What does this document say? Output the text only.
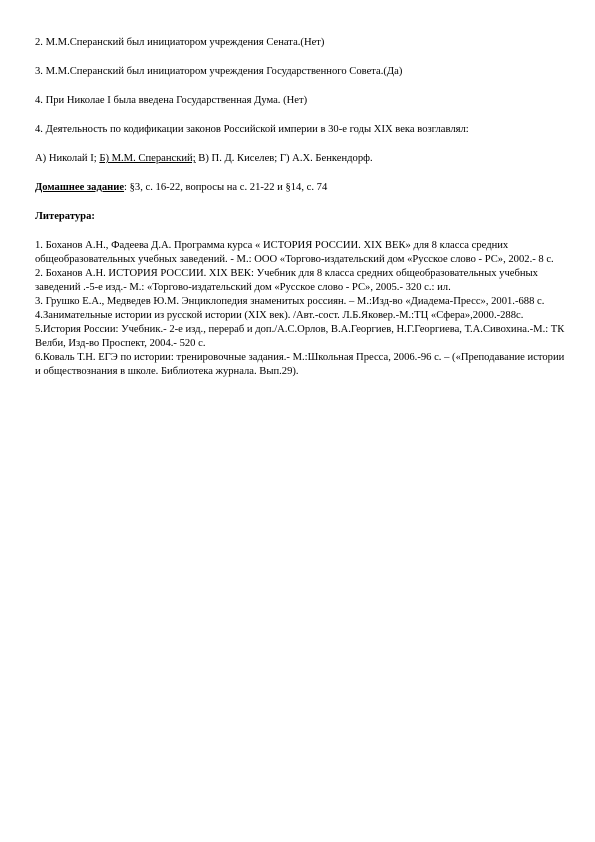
2. М.М.Сперанский был инициатором учреждения Сената.(Нет)

3. М.М.Сперанский был инициатором учреждения Государственного Совета.(Да)

4. При Николае I была введена Государственная Дума. (Нет)

4. Деятельность по кодификации законов Российской империи в 30-е годы XIX века возглавлял:

А) Николай I; Б) М.М. Сперанский; В) П. Д. Киселев; Г) А.Х. Бенкендорф.

Домашнее задание: §3, с. 16-22, вопросы на с. 21-22 и §14, с. 74

Литература:

1. Боханов А.Н., Фадеева Д.А. Программа курса « ИСТОРИЯ РОССИИ. XIX ВЕК» для 8 класса средних общеобразовательных учебных заведений. - М.: ООО «Торгово-издательский дом «Русское слово - РС», 2002.- 8 с.

2. Боханов А.Н. ИСТОРИЯ РОССИИ. XIX ВЕК: Учебник для 8 класса средних общеобразовательных учебных заведений .-5-е изд.- М.: «Торгово-издательский дом «Русское слово - РС», 2005.- 320 с.: ил.

3. Грушко Е.А., Медведев Ю.М. Энциклопедия знаменитых россиян. – М.:Изд-во «Диадема-Пресс», 2001.-688 с.

4.Занимательные истории из русской истории (XIX век). /Авт.-сост. Л.Б.Яковер.-М.:ТЦ «Сфера»,2000.-288с.

5.История России: Учебник.- 2-е изд., перераб и доп./А.С.Орлов, В.А.Георгиев, Н.Г.Георгиева, Т.А.Сивохина.-М.: ТК Велби, Изд-во Проспект, 2004.- 520 с.

6.Коваль Т.Н. ЕГЭ по истории: тренировочные задания.- М.:Школьная Пресса, 2006.-96 с. – («Преподавание истории и обществознания в школе. Библиотека журнала. Вып.29).
